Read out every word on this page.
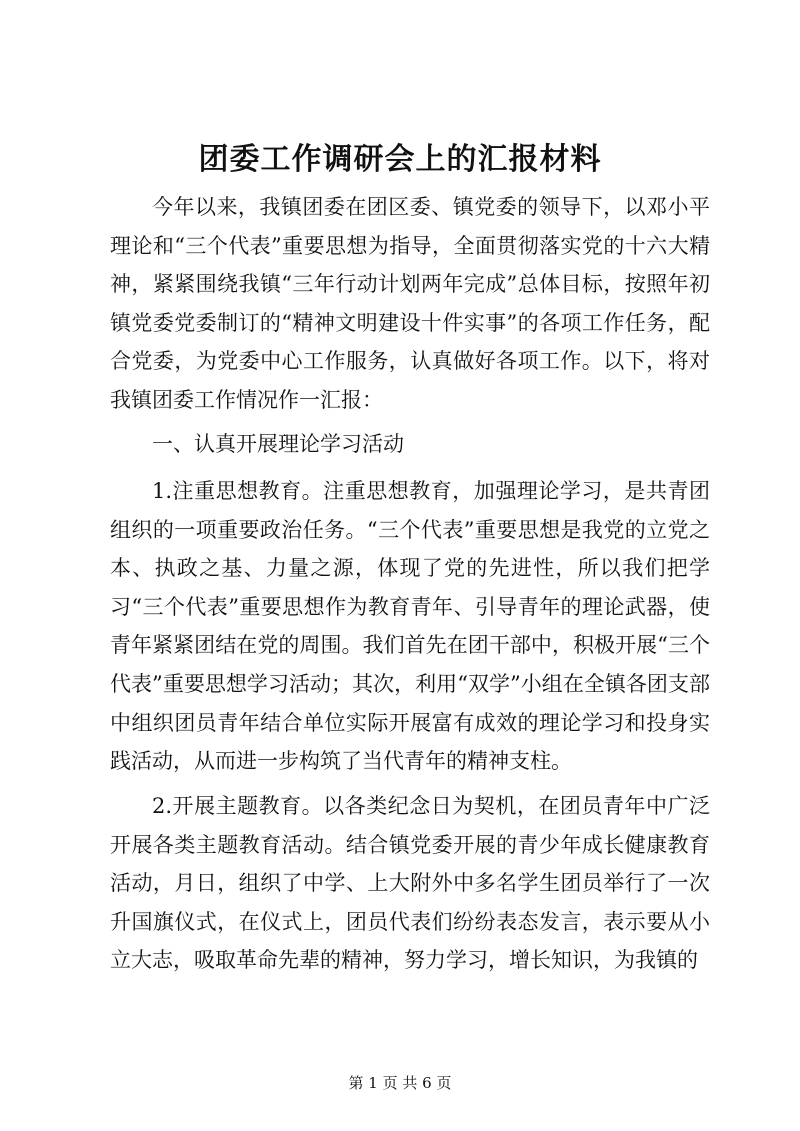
团委工作调研会上的汇报材料

今年以来，我镇团委在团区委、镇党委的领导下，以邓小平理论和“三个代表”重要思想为指导，全面贯彻落实党的十六大精神，紧紧围绕我镇“三年行动计划两年完成”总体目标，按照年初镇党委党委制订的“精神文明建设十件实事”的各项工作任务，配合党委，为党委中心工作服务，认真做好各项工作。以下，将对我镇团委工作情况作一汇报：

一、认真开展理论学习活动

1.注重思想教育。注重思想教育，加强理论学习，是共青团组织的一项重要政治任务。“三个代表”重要思想是我党的立党之本、执政之基、力量之源，体现了党的先进性，所以我们把学习“三个代表”重要思想作为教育青年、引导青年的理论武器，使青年紧紧团结在党的周围。我们首先在团干部中，积极开展“三个代表”重要思想学习活动；其次，利用“双学”小组在全镇各团支部中组织团员青年结合单位实际开展富有成效的理论学习和投身实践活动，从而进一步构筑了当代青年的精神支柱。

2.开展主题教育。以各类纪念日为契机，在团员青年中广泛开展各类主题教育活动。结合镇党委开展的青少年成长健康教育活动，月日，组织了中学、上大附外中多名学生团员举行了一次升国旗仪式，在仪式上，团员代表们纷纷表态发言，表示要从小立大志，吸取革命先辈的精神，努力学习，增长知识，为我镇的

第 1 页 共 6 页
